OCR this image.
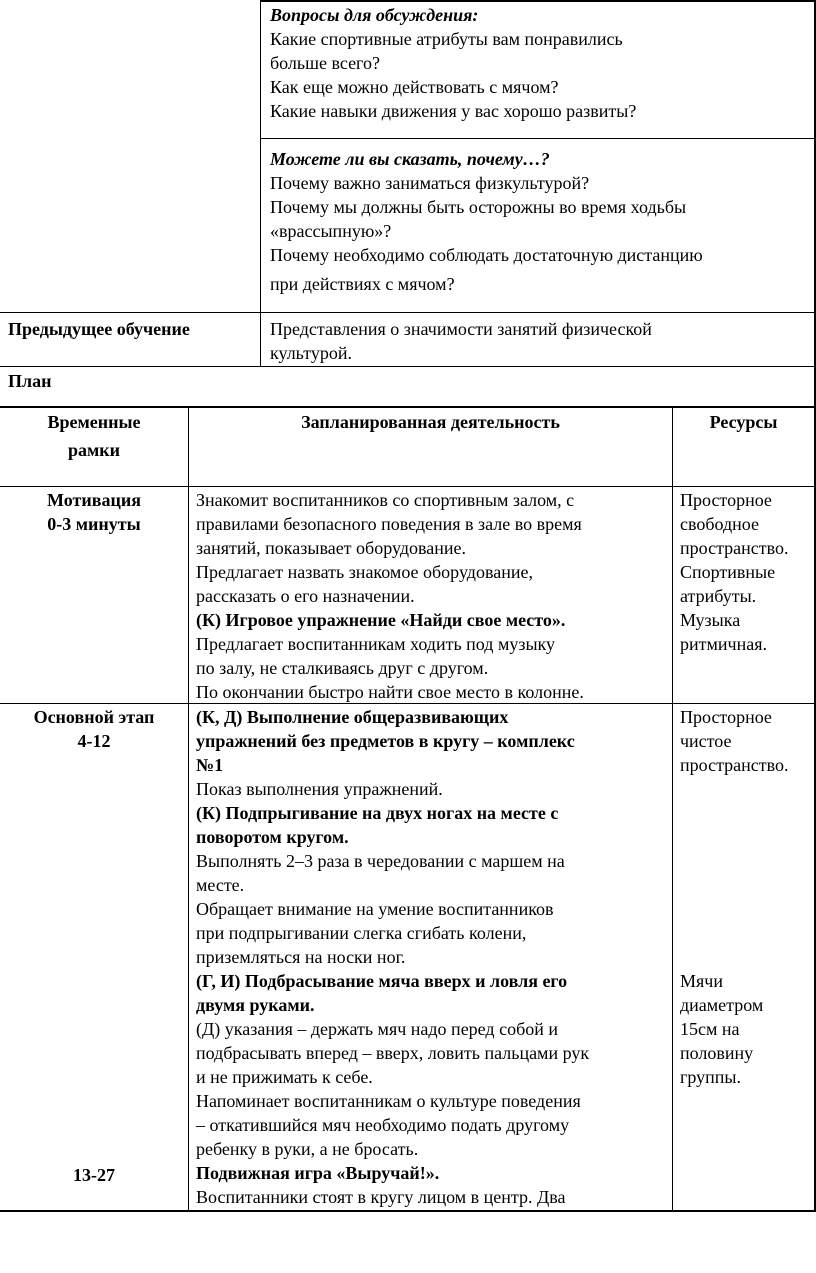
Вопросы для обсуждения:
Какие спортивные атрибуты вам понравились
больше всего?
Как еще можно действовать с мячом?
Какие навыки движения у вас хорошо развиты?
Можете ли вы сказать, почему…?
Почему важно заниматься физкультурой?
Почему мы должны быть осторожны во время ходьбы
«врассыпную»?
Почему необходимо соблюдать достаточную дистанцию
при действиях с мячом?
Предыдущее обучение	Представления о значимости занятий физической
культурой.
План
Временные
рамки
Запланированная деятельность	Ресурсы
Мотивация
0-3 минуты
Знакомит воспитанников со спортивным залом, с
правилами безопасного поведения в зале во время
занятий, показывает оборудование.
Предлагает назвать знакомое оборудование,
рассказать о его назначении.
(К) Игровое упражнение «Найди свое место».
Предлагает воспитанникам ходить под музыку
по залу, не сталкиваясь друг с другом.
По окончании быстро найти свое место в колонне.
Просторное
свободное
пространство.
Спортивные
атрибуты.
Музыка
ритмичная.
Основной этап
4-12
13-27
(К, Д) Выполнение общеразвивающих
упражнений без предметов в кругу – комплекс
№1
Показ выполнения упражнений.
(К) Подпрыгивание на двух ногах на месте с
поворотом кругом.
Выполнять 2–3 раза в чередовании с маршем на
месте.
Обращает внимание на умение воспитанников
при подпрыгивании слегка сгибать колени,
приземляться на носки ног.
(Г, И) Подбрасывание мяча вверх и ловля его
двумя руками.
(Д) указания – держать мяч надо перед собой и
подбрасывать вперед – вверх, ловить пальцами рук
и не прижимать к себе.
Напоминает воспитанникам о культуре поведения
– откатившийся мяч необходимо подать другому
ребенку в руки, а не бросать.
Подвижная игра «Выручай!».
Воспитанники стоят в кругу лицом в центр. Два
Просторное
чистое
пространство.
Мячи
диаметром
15см на
половину
группы.
